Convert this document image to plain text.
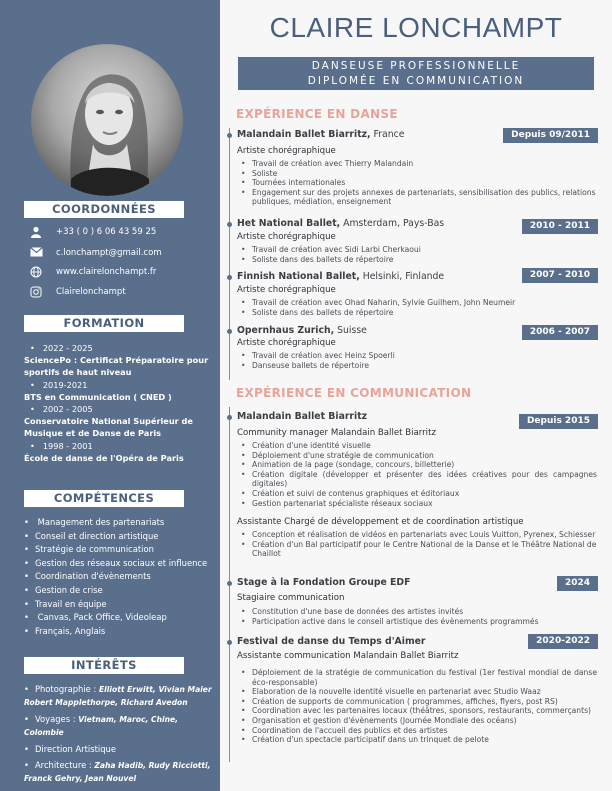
COORDONNÉES
+33 ( 0 ) 6 06 43 59 25
c.lonchampt@gmail.com
www.clairelonchampt.fr
Clairelonchampt
FORMATION
• 2022 - 2025
SciencePo : Certificat Préparatoire pour sportifs de haut niveau
• 2019-2021
BTS en Communication ( CNED )
• 2002 - 2005
Conservatoire National Supérieur de Musique et de Danse de Paris
• 1998 - 2001
École de danse de l'Opéra de Paris
COMPÉTENCES
• Management des partenariats
• Conseil et direction artistique
• Stratégie de communication
• Gestion des réseaux sociaux et influence
• Coordination d'évènements
• Gestion de crise
• Travail en équipe
• Canvas, Pack Office, Videoleap
• Français, Anglais
INTÉRÊTS
• Photographie : Elliott Erwitt, Vivian Maier Robert Mapplethorpe, Richard Avedon
• Voyages : Vietnam, Maroc, Chine, Colombie
• Direction Artistique
• Architecture : Zaha Hadib, Rudy Ricciotti, Franck Gehry, Jean Nouvel
CLAIRE LONCHAMPT
DANSEUSE PROFESSIONNELLE
DIPLOMÉE EN COMMUNICATION
EXPÉRIENCE EN DANSE
Malandain Ballet Biarritz, France	Depuis 09/2011
Artiste chorégraphique
• Travail de création avec Thierry Malandain
• Soliste
• Tournées internationales
• Engagement sur des projets annexes de partenariats, sensibilisation des publics, relations publiques, médiation, enseignement
Het National Ballet, Amsterdam, Pays-Bas	2010 - 2011
Artiste chorégraphique
• Travail de création avec Sidi Larbi Cherkaoui
• Soliste dans des ballets de répertoire
Finnish National Ballet, Helsinki, Finlande	2007 - 2010
Artiste chorégraphique
• Travail de création avec Ohad Naharin, Sylvie Guilhem, John Neumeir
• Soliste dans des ballets de répertoire
Opernhaus Zurich, Suisse	2006 - 2007
Artiste chorégraphique
• Travail de création avec Heinz Spoerli
• Danseuse ballets de répertoire
EXPÉRIENCE EN COMMUNICATION
Malandain Ballet Biarritz	Depuis 2015
Community manager Malandain Ballet Biarritz
• Création d'une identité visuelle
• Déploiement d'une stratégie de communication
• Animation de la page (sondage, concours, billetterie)
• Création digitale (développer et présenter des idées créatives pour des campagnes digitales)
• Création et suivi de contenus graphiques et éditoriaux
• Gestion partenariat spécialiste réseaux sociaux
Assistante Chargé de développement et de coordination artistique
• Conception et réalisation de vidéos en partenariats avec Louis Vuitton, Pyrenex, Schiesser
• Création d'un Bal participatif pour le Centre National de la Danse et le Théâtre National de Chaillot
Stage à la Fondation Groupe EDF	2024
Stagiaire communication
• Constitution d'une base de données des artistes invités
• Participation active dans le conseil artistique des évènements programmés
Festival de danse du Temps d'Aimer	2020-2022
Assistante communication Malandain Ballet Biarritz
• Déploiement de la stratégie de communication du festival (1er festival mondial de danse éco-responsable)
• Elaboration de la nouvelle identité visuelle en partenariat avec Studio Waaz
• Création de supports de communication ( programmes, affiches, flyers, post RS)
• Coordination avec les partenaires locaux (théâtres, sponsors, restaurants, commerçants)
• Organisation et gestion d'évènements (Journée Mondiale des océans)
• Coordination de l'accueil des publics et des artistes
• Création d'un spectacle participatif dans un trinquet de pelote
